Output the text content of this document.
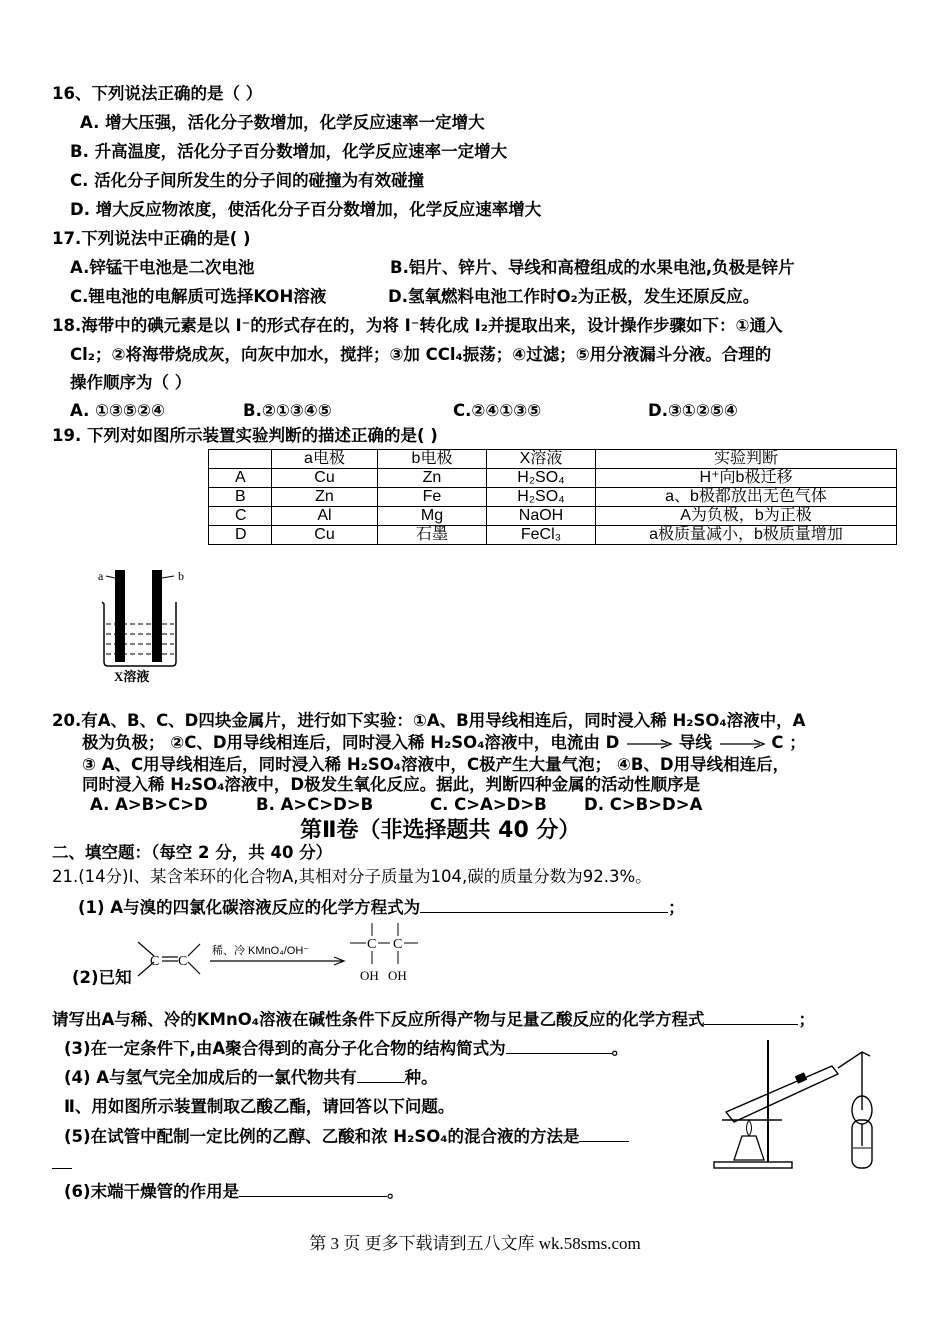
16、下列说法正确的是（ ）
A. 增大压强，活化分子数增加，化学反应速率一定增大
B. 升高温度，活化分子百分数增加，化学反应速率一定增大
C. 活化分子间所发生的分子间的碰撞为有效碰撞
D. 增大反应物浓度，使活化分子百分数增加，化学反应速率增大
17.下列说法中正确的是( )
A.锌锰干电池是二次电池	B.铝片、锌片、导线和高橙组成的水果电池,负极是锌片
C.锂电池的电解质可选择KOH溶液	D.氢氧燃料电池工作时O₂为正极，发生还原反应。
18.海带中的碘元素是以 I⁻的形式存在的，为将 I⁻转化成 I₂并提取出来，设计操作步骤如下：①通入
Cl₂；②将海带烧成灰，向灰中加水，搅拌；③加 CCl₄振荡；④过滤；⑤用分液漏斗分液。合理的
操作顺序为（ ）
A. ①③⑤②④	B.②①③④⑤	C.②④①③⑤	D.③①②⑤④
19. 下列对如图所示装置实验判断的描述正确的是( )
	a电极	b电极	X溶液	实验判断
A	Cu	Zn	H₂SO₄	H⁺向b极迁移
B	Zn	Fe	H₂SO₄	a、b极都放出无色气体
C	Al	Mg	NaOH	A为负极，b为正极
D	Cu	石墨	FeCl₃	a极质量减小，b极质量增加
a	b
X溶液
20.有A、B、C、D四块金属片，进行如下实验：①A、B用导线相连后，同时浸入稀 H₂SO₄溶液中，A
极为负极； ②C、D用导线相连后，同时浸入稀 H₂SO₄溶液中，电流由 D	导线	C ；
③ A、C用导线相连后，同时浸入稀 H₂SO₄溶液中，C极产生大量气泡； ④B、D用导线相连后，
同时浸入稀 H₂SO₄溶液中，D极发生氧化反应。据此，判断四种金属的活动性顺序是
A. A>B>C>D	B. A>C>D>B	C. C>A>D>B D. C>B>D>A
第Ⅱ卷（非选择题共 40 分）
二、填空题：（每空 2 分，共 40 分）
21.(14分)Ⅰ、某含苯环的化合物A,其相对分子质量为104,碳的质量分数为92.3%。
(1) A与溴的四氯化碳溶液反应的化学方程式为	；
(2)已知
C C
稀、冷 KMnO₄/OH⁻	C C
OH OH
请写出A与稀、冷的KMnO₄溶液在碱性条件下反应所得产物与足量乙酸反应的化学方程式	；
(3)在一定条件下,由A聚合得到的高分子化合物的结构简式为	。
(4) A与氢气完全加成后的一氯代物共有	种。
Ⅱ、用如图所示装置制取乙酸乙酯，请回答以下问题。
(5)在试管中配制一定比例的乙醇、乙酸和浓 H₂SO₄的混合液的方法是
(6)末端干燥管的作用是	。
第 3 页 更多下载请到五八文库 wk.58sms.com
